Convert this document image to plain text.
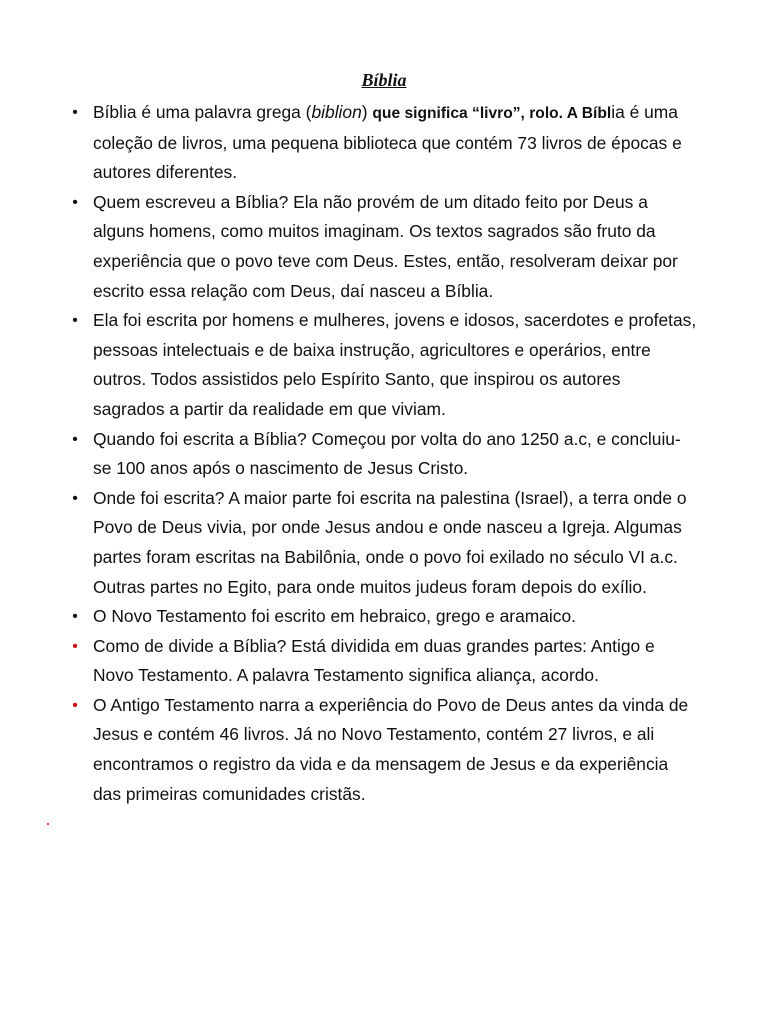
Bíblia
• Bíblia é uma palavra grega (biblion) que significa “livro”, rolo. A Bíblia é uma
coleção de livros, uma pequena biblioteca que contém 73 livros de épocas e
autores diferentes.
• Quem escreveu a Bíblia? Ela não provém de um ditado feito por Deus a
alguns homens, como muitos imaginam. Os textos sagrados são fruto da
experiência que o povo teve com Deus. Estes, então, resolveram deixar por
escrito essa relação com Deus, daí nasceu a Bíblia.
• Ela foi escrita por homens e mulheres, jovens e idosos, sacerdotes e profetas,
pessoas intelectuais e de baixa instrução, agricultores e operários, entre
outros. Todos assistidos pelo Espírito Santo, que inspirou os autores
sagrados a partir da realidade em que viviam.
• Quando foi escrita a Bíblia? Começou por volta do ano 1250 a.c, e concluiu-
se 100 anos após o nascimento de Jesus Cristo.
• Onde foi escrita? A maior parte foi escrita na palestina (Israel), a terra onde o
Povo de Deus vivia, por onde Jesus andou e onde nasceu a Igreja. Algumas
partes foram escritas na Babilônia, onde o povo foi exilado no século VI a.c.
Outras partes no Egito, para onde muitos judeus foram depois do exílio.
• O Novo Testamento foi escrito em hebraico, grego e aramaico.
• Como de divide a Bíblia? Está dividida em duas grandes partes: Antigo e
Novo Testamento. A palavra Testamento significa aliança, acordo.
• O Antigo Testamento narra a experiência do Povo de Deus antes da vinda de
Jesus e contém 46 livros. Já no Novo Testamento, contém 27 livros, e ali
encontramos o registro da vida e da mensagem de Jesus e da experiência
das primeiras comunidades cristãs.
